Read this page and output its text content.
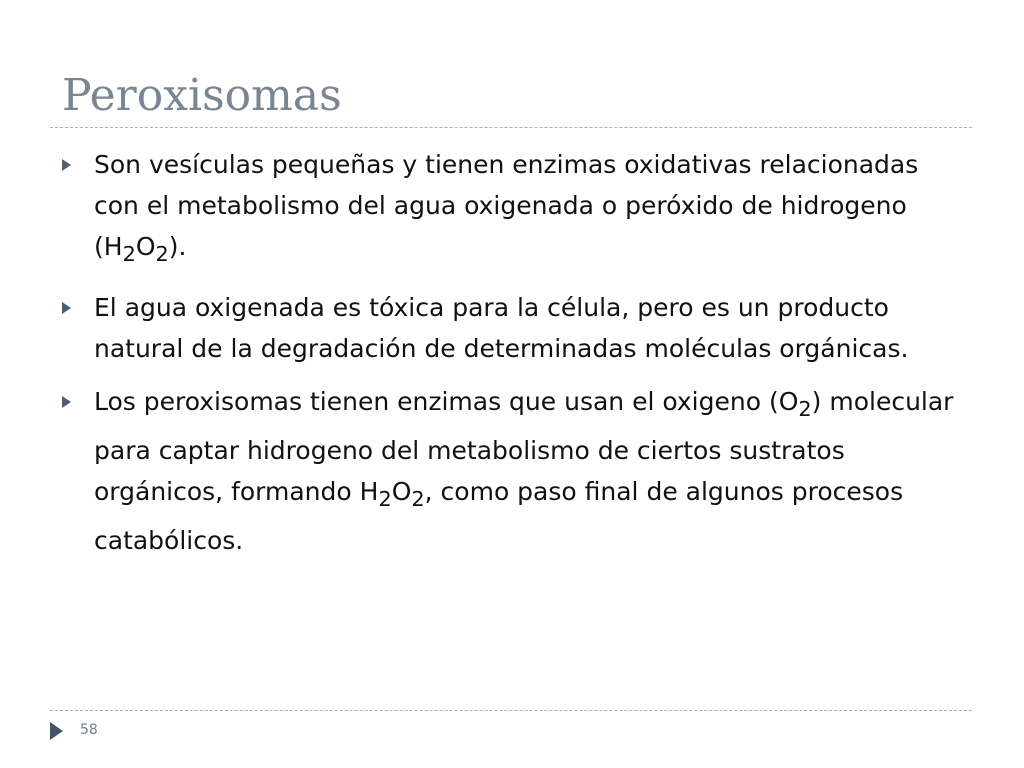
Peroxisomas
Son vesículas pequeñas y tienen enzimas oxidativas relacionadas con el metabolismo del agua oxigenada o peróxido de hidrogeno $(H_2O_2)$.
El agua oxigenada es tóxica para la célula, pero es un producto natural de la degradación de determinadas moléculas orgánicas.
Los peroxisomas tienen enzimas que usan el oxigeno $(O_2)$ molecular para captar hidrogeno del metabolismo de ciertos sustratos orgánicos, formando $H_2O_2$, como paso final de algunos procesos catabólicos.
58
